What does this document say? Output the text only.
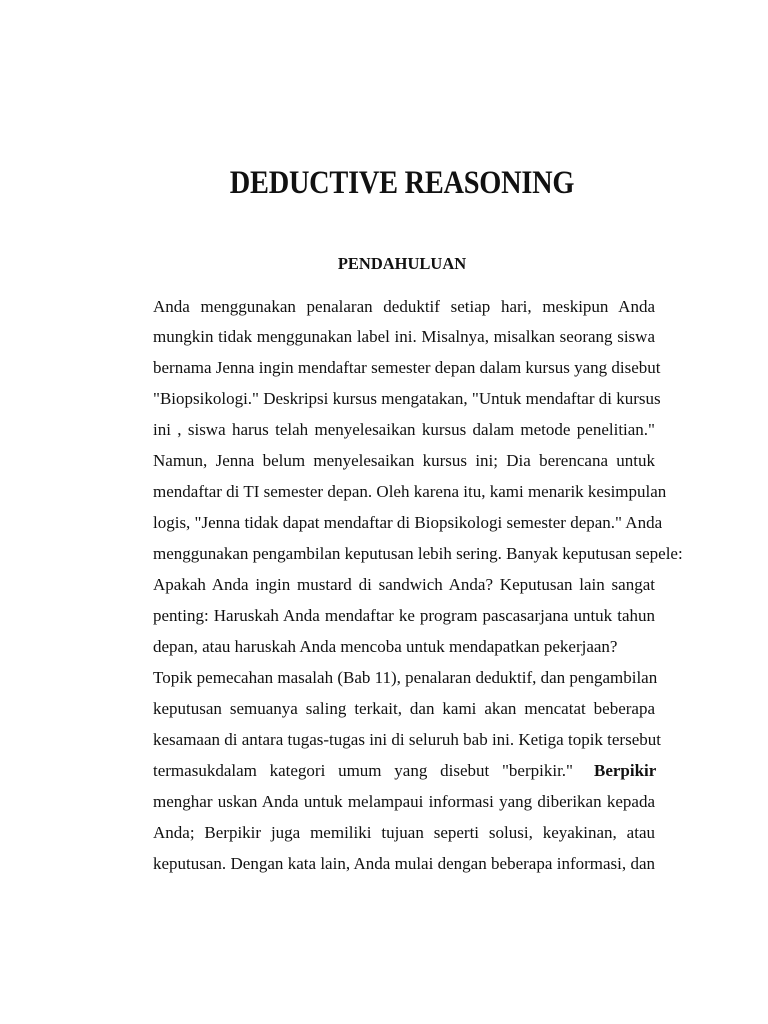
DEDUCTIVE REASONING
PENDAHULUAN
Anda menggunakan penalaran deduktif setiap hari, meskipun Anda
mungkin tidak menggunakan label ini. Misalnya, misalkan seorang siswa
bernama Jenna ingin mendaftar semester depan dalam kursus yang disebut
"Biopsikologi." Deskripsi kursus mengatakan, "Untuk mendaftar di kursus
ini , siswa harus telah menyelesaikan kursus dalam metode penelitian."
Namun, Jenna belum menyelesaikan kursus ini; Dia berencana untuk
mendaftar di TI semester depan. Oleh karena itu, kami menarik kesimpulan
logis, "Jenna tidak dapat mendaftar di Biopsikologi semester depan." Anda
menggunakan pengambilan keputusan lebih sering. Banyak keputusan sepele:
Apakah Anda ingin mustard di sandwich Anda? Keputusan lain sangat
penting: Haruskah Anda mendaftar ke program pascasarjana untuk tahun
depan, atau haruskah Anda mencoba untuk mendapatkan pekerjaan?
Topik pemecahan masalah (Bab 11), penalaran deduktif, dan pengambilan
keputusan semuanya saling terkait, dan kami akan mencatat beberapa
kesamaan di antara tugas-tugas ini di seluruh bab ini. Ketiga topik tersebut
termasukdalam kategori umum yang disebut "berpikir."	Berpikir
menghar uskan Anda untuk melampaui informasi yang diberikan kepada
Anda; Berpikir juga memiliki tujuan seperti solusi, keyakinan, atau
keputusan. Dengan kata lain, Anda mulai dengan beberapa informasi, dan
